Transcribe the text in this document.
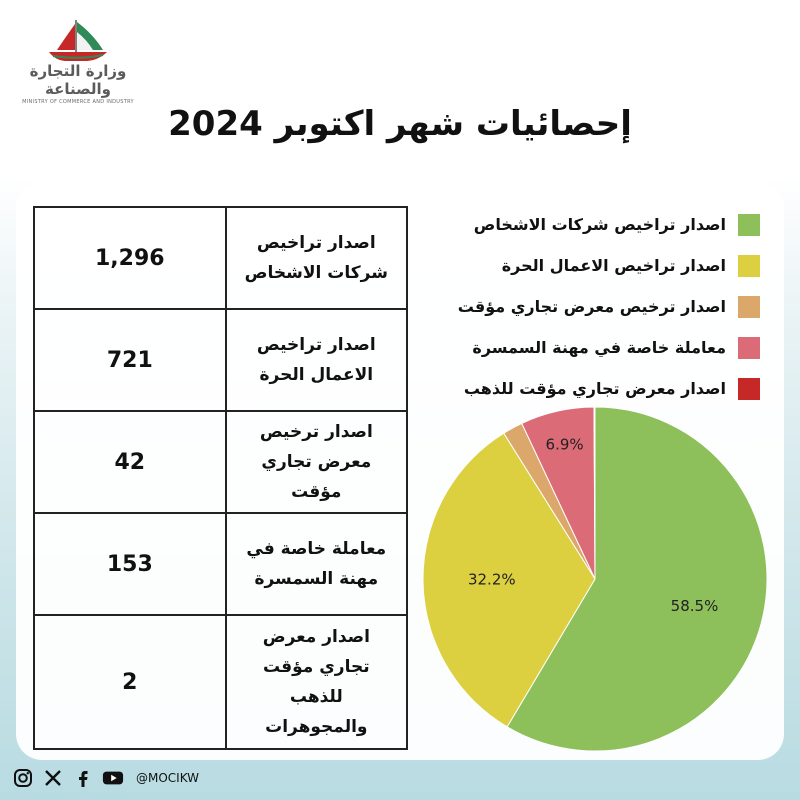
وزارة التجارة والصناعة
MINISTRY OF COMMERCE AND INDUSTRY
إحصائيات شهر اكتوبر 2024
1,296	اصدار تراخيص شركات الاشخاص
721	اصدار تراخيص الاعمال الحرة
42	اصدار ترخيص معرض تجاري مؤقت
153	معاملة خاصة في مهنة السمسرة
2	اصدار معرض تجاري مؤقت للذهب والمجوهرات
اصدار تراخيص شركات الاشخاص
اصدار تراخيص الاعمال الحرة
اصدار ترخيص معرض تجاري مؤقت
معاملة خاصة في مهنة السمسرة
اصدار معرض تجاري مؤقت للذهب
58.5%
32.2%
6.9%
@MOCIKW
